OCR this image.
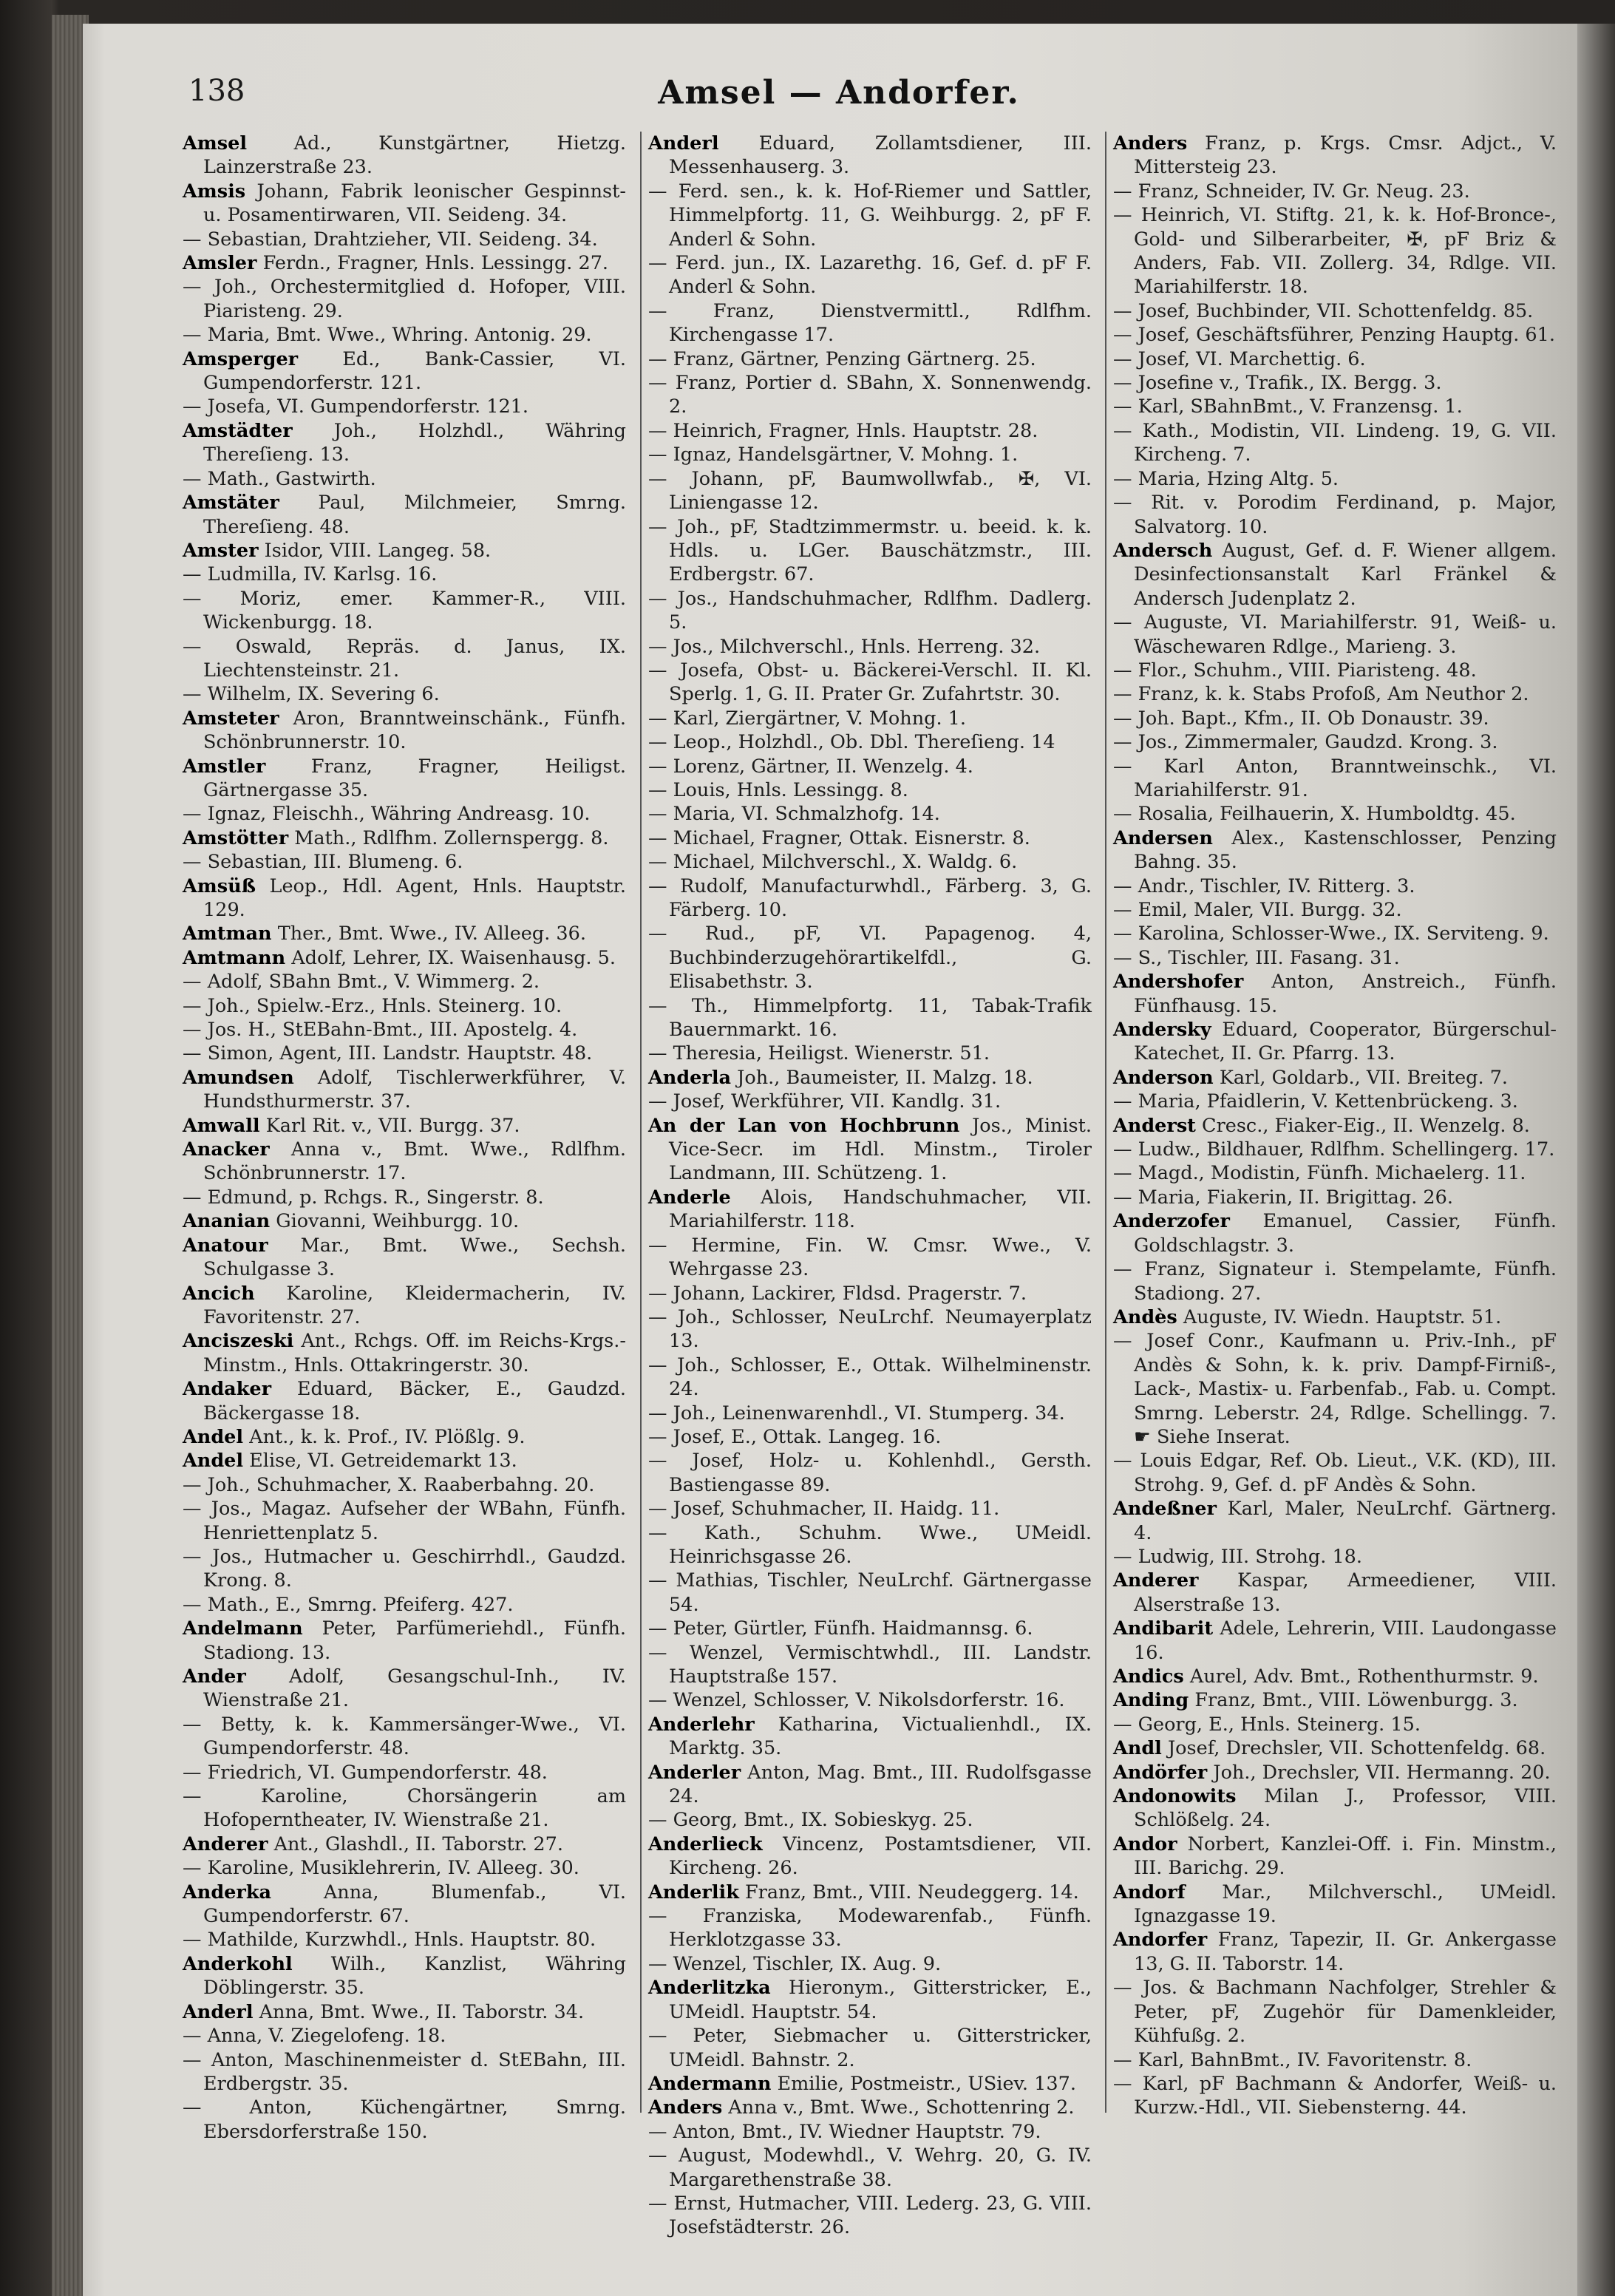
Amsel — Andorfer.
138
Amsel Ad., Kunstgärtner, Hietzg. Lainzerstraße 23.
Amsis Johann, Fabrik leonischer Gespinnst- u. Posamentirwaren, VII. Seideng. 34.
— Sebastian, Drahtzieher, VII. Seideng. 34.
Amsler Ferdn., Fragner, Hnls. Lessingg. 27.
— Joh., Orchestermitglied d. Hofoper, VIII. Piaristeng. 29.
— Maria, Bmt. Wwe., Whring. Antonig. 29.
Amsperger Ed., Bank-Cassier, VI. Gumpendorferstr. 121.
— Josefa, VI. Gumpendorferstr. 121.
Amstädter Joh., Holzhdl., Währing Thereſieng. 13.
— Math., Gastwirth.
Amstäter Paul, Milchmeier, Smrng. Thereſieng. 48.
Amster Isidor, VIII. Langeg. 58.
— Ludmilla, IV. Karlsg. 16.
— Moriz, emer. Kammer-R., VIII. Wickenburgg. 18.
— Oswald, Repräs. d. Janus, IX. Liechtensteinstr. 21.
— Wilhelm, IX. Severing 6.
Amsteter Aron, Branntweinschänk., Fünfh. Schönbrunnerstr. 10.
Amstler Franz, Fragner, Heiligst. Gärtnergasse 35.
— Ignaz, Fleischh., Währing Andreasg. 10.
Amstötter Math., Rdlfhm. Zollernspergg. 8.
— Sebastian, III. Blumeng. 6.
Amsüß Leop., Hdl. Agent, Hnls. Hauptstr. 129.
Amtman Ther., Bmt. Wwe., IV. Alleeg. 36.
Amtmann Adolf, Lehrer, IX. Waisenhausg. 5.
— Adolf, SBahn Bmt., V. Wimmerg. 2.
— Joh., Spielw.-Erz., Hnls. Steinerg. 10.
— Jos. H., StEBahn-Bmt., III. Apostelg. 4.
— Simon, Agent, III. Landstr. Hauptstr. 48.
Amundsen Adolf, Tischlerwerkführer, V. Hundsthurmerstr. 37.
Amwall Karl Rit. v., VII. Burgg. 37.
Anacker Anna v., Bmt. Wwe., Rdlfhm. Schönbrunnerstr. 17.
— Edmund, p. Rchgs. R., Singerstr. 8.
Ananian Giovanni, Weihburgg. 10.
Anatour Mar., Bmt. Wwe., Sechsh. Schulgasse 3.
Ancich Karoline, Kleidermacherin, IV. Favoritenstr. 27.
Anciszeski Ant., Rchgs. Off. im Reichs-Krgs.-Minstm., Hnls. Ottakringerstr. 30.
Andaker Eduard, Bäcker, E., Gaudzd. Bäckergasse 18.
Andel Ant., k. k. Prof., IV. Plößlg. 9.
Andel Elise, VI. Getreidemarkt 13.
— Joh., Schuhmacher, X. Raaberbahng. 20.
— Jos., Magaz. Aufseher der WBahn, Fünfh. Henriettenplatz 5.
— Jos., Hutmacher u. Geschirrhdl., Gaudzd. Krong. 8.
— Math., E., Smrng. Pfeiferg. 427.
Andelmann Peter, Parfümeriehdl., Fünfh. Stadiong. 13.
Ander Adolf, Gesangschul-Inh., IV. Wienstraße 21.
— Betty, k. k. Kammersänger-Wwe., VI. Gumpendorferstr. 48.
— Friedrich, VI. Gumpendorferstr. 48.
— Karoline, Chorsängerin am Hofoperntheater, IV. Wienstraße 21.
Anderer Ant., Glashdl., II. Taborstr. 27.
— Karoline, Musiklehrerin, IV. Alleeg. 30.
Anderka Anna, Blumenfab., VI. Gumpendorferstr. 67.
— Mathilde, Kurzwhdl., Hnls. Hauptstr. 80.
Anderkohl Wilh., Kanzlist, Währing Döblingerstr. 35.
Anderl Anna, Bmt. Wwe., II. Taborstr. 34.
— Anna, V. Ziegelofeng. 18.
— Anton, Maschinenmeister d. StEBahn, III. Erdbergstr. 35.
— Anton, Küchengärtner, Smrng. Ebersdorferstraße 150.
Anderl Eduard, Zollamtsdiener, III. Messenhauserg. 3.
— Ferd. sen., k. k. Hof-Riemer und Sattler, Himmelpfortg. 11, G. Weihburgg. 2, pF F. Anderl & Sohn.
— Ferd. jun., IX. Lazarethg. 16, Gef. d. pF F. Anderl & Sohn.
— Franz, Dienstvermittl., Rdlfhm. Kirchengasse 17.
— Franz, Gärtner, Penzing Gärtnerg. 25.
— Franz, Portier d. SBahn, X. Sonnenwendg. 2.
— Heinrich, Fragner, Hnls. Hauptstr. 28.
— Ignaz, Handelsgärtner, V. Mohng. 1.
— Johann, pF, Baumwollwfab., ✠, VI. Liniengasse 12.
— Joh., pF, Stadtzimmermstr. u. beeid. k. k. Hdls. u. LGer. Bauschätzmstr., III. Erdbergstr. 67.
— Jos., Handschuhmacher, Rdlfhm. Dadlerg. 5.
— Jos., Milchverschl., Hnls. Herreng. 32.
— Josefa, Obst- u. Bäckerei-Verschl. II. Kl. Sperlg. 1, G. II. Prater Gr. Zufahrtstr. 30.
— Karl, Ziergärtner, V. Mohng. 1.
— Leop., Holzhdl., Ob. Dbl. Thereſieng. 14
— Lorenz, Gärtner, II. Wenzelg. 4.
— Louis, Hnls. Lessingg. 8.
— Maria, VI. Schmalzhofg. 14.
— Michael, Fragner, Ottak. Eisnerstr. 8.
— Michael, Milchverschl., X. Waldg. 6.
— Rudolf, Manufacturwhdl., Färberg. 3, G. Färberg. 10.
— Rud., pF, VI. Papagenog. 4, Buchbinderzugehörartikelfdl., G. Elisabethstr. 3.
— Th., Himmelpfortg. 11, Tabak-Trafik Bauernmarkt. 16.
— Theresia, Heiligst. Wienerstr. 51.
Anderla Joh., Baumeister, II. Malzg. 18.
— Josef, Werkführer, VII. Kandlg. 31.
An der Lan von Hochbrunn Jos., Minist. Vice-Secr. im Hdl. Minstm., Tiroler Landmann, III. Schützeng. 1.
Anderle Alois, Handschuhmacher, VII. Mariahilferstr. 118.
— Hermine, Fin. W. Cmsr. Wwe., V. Wehrgasse 23.
— Johann, Lackirer, Fldsd. Pragerstr. 7.
— Joh., Schlosser, NeuLrchf. Neumayerplatz 13.
— Joh., Schlosser, E., Ottak. Wilhelminenstr. 24.
— Joh., Leinenwarenhdl., VI. Stumperg. 34.
— Josef, E., Ottak. Langeg. 16.
— Josef, Holz- u. Kohlenhdl., Gersth. Bastiengasse 89.
— Josef, Schuhmacher, II. Haidg. 11.
— Kath., Schuhm. Wwe., UMeidl. Heinrichsgasse 26.
— Mathias, Tischler, NeuLrchf. Gärtnergasse 54.
— Peter, Gürtler, Fünfh. Haidmannsg. 6.
— Wenzel, Vermischtwhdl., III. Landstr. Hauptstraße 157.
— Wenzel, Schlosser, V. Nikolsdorferstr. 16.
Anderlehr Katharina, Victualienhdl., IX. Marktg. 35.
Anderler Anton, Mag. Bmt., III. Rudolfsgasse 24.
— Georg, Bmt., IX. Sobieskyg. 25.
Anderlieck Vincenz, Postamtsdiener, VII. Kircheng. 26.
Anderlik Franz, Bmt., VIII. Neudeggerg. 14.
— Franziska, Modewarenfab., Fünfh. Herklotzgasse 33.
— Wenzel, Tischler, IX. Aug. 9.
Anderlitzka Hieronym., Gitterstricker, E., UMeidl. Hauptstr. 54.
— Peter, Siebmacher u. Gitterstricker, UMeidl. Bahnstr. 2.
Andermann Emilie, Postmeistr., USiev. 137.
Anders Anna v., Bmt. Wwe., Schottenring 2.
— Anton, Bmt., IV. Wiedner Hauptstr. 79.
— August, Modewhdl., V. Wehrg. 20, G. IV. Margarethenstraße 38.
— Ernst, Hutmacher, VIII. Lederg. 23, G. VIII. Josefstädterstr. 26.
Anders Franz, p. Krgs. Cmsr. Adjct., V. Mittersteig 23.
— Franz, Schneider, IV. Gr. Neug. 23.
— Heinrich, VI. Stiftg. 21, k. k. Hof-Bronce-, Gold- und Silberarbeiter, ✠, pF Briz & Anders, Fab. VII. Zollerg. 34, Rdlge. VII. Mariahilferstr. 18.
— Josef, Buchbinder, VII. Schottenfeldg. 85.
— Josef, Geschäftsführer, Penzing Hauptg. 61.
— Josef, VI. Marchettig. 6.
— Josefine v., Trafik., IX. Bergg. 3.
— Karl, SBahnBmt., V. Franzensg. 1.
— Kath., Modistin, VII. Lindeng. 19, G. VII. Kircheng. 7.
— Maria, Hzing Altg. 5.
— Rit. v. Porodim Ferdinand, p. Major, Salvatorg. 10.
Andersch August, Gef. d. F. Wiener allgem. Desinfectionsanstalt Karl Fränkel & Andersch Judenplatz 2.
— Auguste, VI. Mariahilferstr. 91, Weiß- u. Wäschewaren Rdlge., Marieng. 3.
— Flor., Schuhm., VIII. Piaristeng. 48.
— Franz, k. k. Stabs Profoß, Am Neuthor 2.
— Joh. Bapt., Kfm., II. Ob Donaustr. 39.
— Jos., Zimmermaler, Gaudzd. Krong. 3.
— Karl Anton, Branntweinschk., VI. Mariahilferstr. 91.
— Rosalia, Feilhauerin, X. Humboldtg. 45.
Andersen Alex., Kastenschlosser, Penzing Bahng. 35.
— Andr., Tischler, IV. Ritterg. 3.
— Emil, Maler, VII. Burgg. 32.
— Karolina, Schlosser-Wwe., IX. Servitеng. 9.
— S., Tischler, III. Fasang. 31.
Andershofer Anton, Anstreich., Fünfh. Fünfhausg. 15.
Andersky Eduard, Cooperator, Bürgerschul-Katechet, II. Gr. Pfarrg. 13.
Anderson Karl, Goldarb., VII. Breiteg. 7.
— Maria, Pfaidlerin, V. Kettenbrückeng. 3.
Anderst Cresc., Fiaker-Eig., II. Wenzelg. 8.
— Ludw., Bildhauer, Rdlfhm. Schellingerg. 17.
— Magd., Modistin, Fünfh. Michaelerg. 11.
— Maria, Fiakerin, II. Brigittag. 26.
Anderzofer Emanuel, Cassier, Fünfh. Goldschlagstr. 3.
— Franz, Signateur i. Stempelamte, Fünfh. Stadiong. 27.
Andès Auguste, IV. Wiedn. Hauptstr. 51.
— Josef Conr., Kaufmann u. Priv.-Inh., pF Andès & Sohn, k. k. priv. Dampf-Firniß-, Lack-, Mastix- u. Farbenfab., Fab. u. Compt. Smrng. Leberstr. 24, Rdlge. Schellingg. 7. ☛ Siehe Inserat.
— Louis Edgar, Ref. Ob. Lieut., V.K. (KD), III. Strohg. 9, Gef. d. pF Andès & Sohn.
Andeßner Karl, Maler, NeuLrchf. Gärtnerg. 4.
— Ludwig, III. Strohg. 18.
Anderer Kaspar, Armeediener, VIII. Alserstraße 13.
Andibarit Adele, Lehrerin, VIII. Laudongasse 16.
Andics Aurel, Adv. Bmt., Rothenthurmstr. 9.
Anding Franz, Bmt., VIII. Löwenburgg. 3.
— Georg, E., Hnls. Steinerg. 15.
Andl Josef, Drechsler, VII. Schottenfeldg. 68.
Andörfer Joh., Drechsler, VII. Hermanng. 20.
Andonowits Milan J., Professor, VIII. Schlößelg. 24.
Andor Norbert, Kanzlei-Off. i. Fin. Minstm., III. Barichg. 29.
Andorf Mar., Milchverschl., UMeidl. Ignazgasse 19.
Andorfer Franz, Tapezir, II. Gr. Ankergasse 13, G. II. Taborstr. 14.
— Jos. & Bachmann Nachfolger, Strehler & Peter, pF, Zugehör für Damenkleider, Kühfußg. 2.
— Karl, BahnBmt., IV. Favoritenstr. 8.
— Karl, pF Bachmann & Andorfer, Weiß- u. Kurzw.-Hdl., VII. Siebensterng. 44.
